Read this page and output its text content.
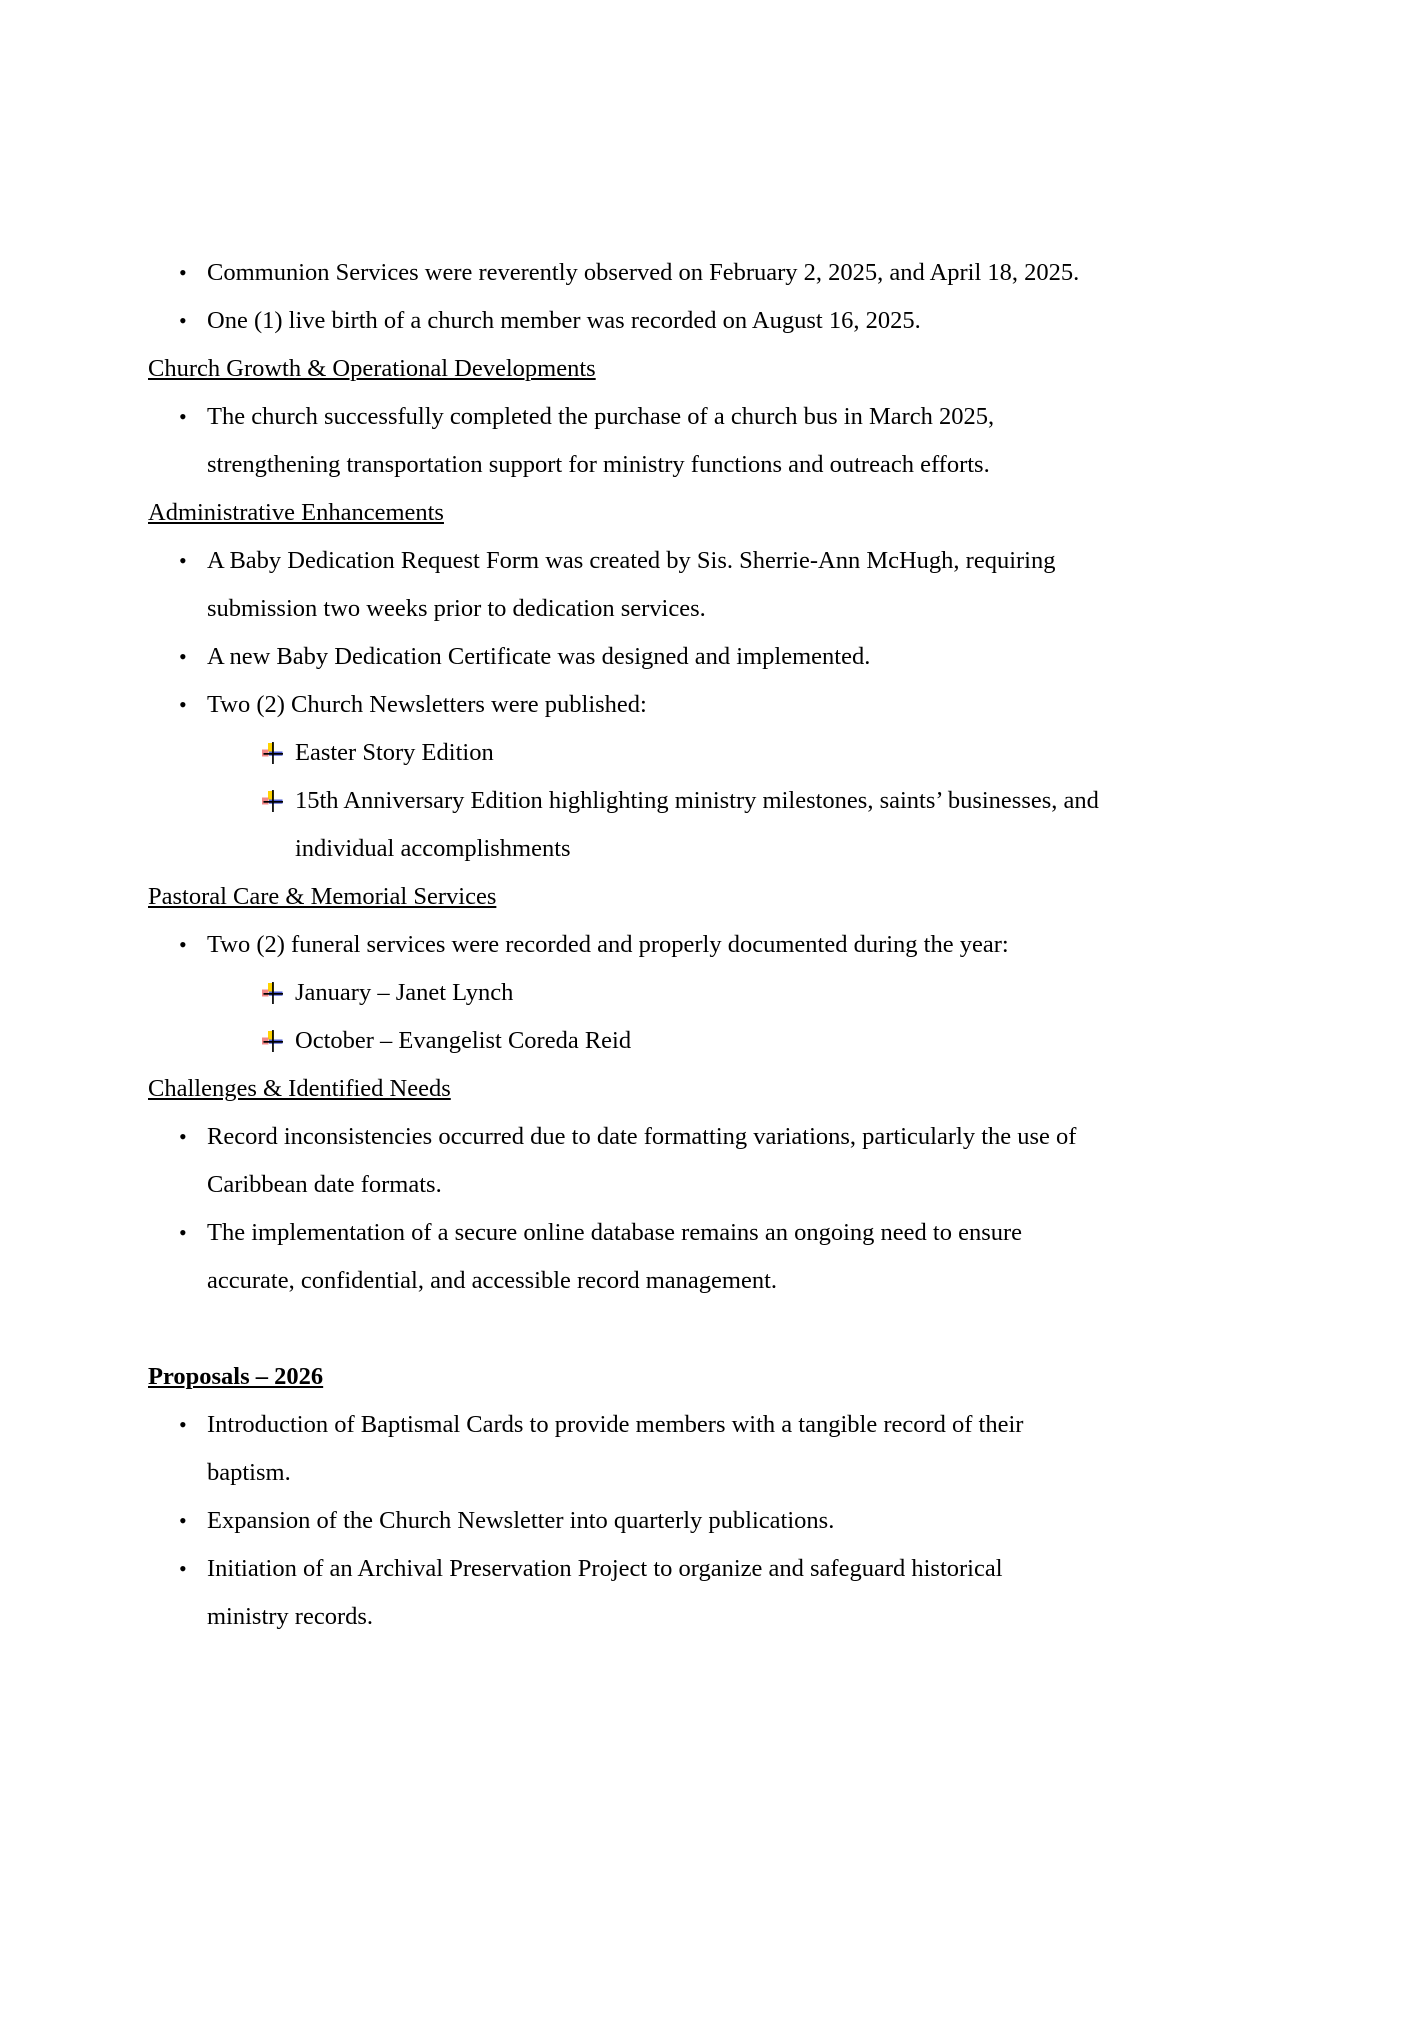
• Communion Services were reverently observed on February 2, 2025, and April 18, 2025.
• One (1) live birth of a church member was recorded on August 16, 2025.
Church Growth & Operational Developments
• The church successfully completed the purchase of a church bus in March 2025,
strengthening transportation support for ministry functions and outreach efforts.
Administrative Enhancements
• A Baby Dedication Request Form was created by Sis. Sherrie-Ann McHugh, requiring
submission two weeks prior to dedication services.
• A new Baby Dedication Certificate was designed and implemented.
• Two (2) Church Newsletters were published:
Easter Story Edition
15th Anniversary Edition highlighting ministry milestones, saints’ businesses, and
individual accomplishments
Pastoral Care & Memorial Services
• Two (2) funeral services were recorded and properly documented during the year:
January – Janet Lynch
October – Evangelist Coreda Reid
Challenges & Identified Needs
• Record inconsistencies occurred due to date formatting variations, particularly the use of
Caribbean date formats.
• The implementation of a secure online database remains an ongoing need to ensure
accurate, confidential, and accessible record management.
Proposals – 2026
• Introduction of Baptismal Cards to provide members with a tangible record of their
baptism.
• Expansion of the Church Newsletter into quarterly publications.
• Initiation of an Archival Preservation Project to organize and safeguard historical
ministry records.
